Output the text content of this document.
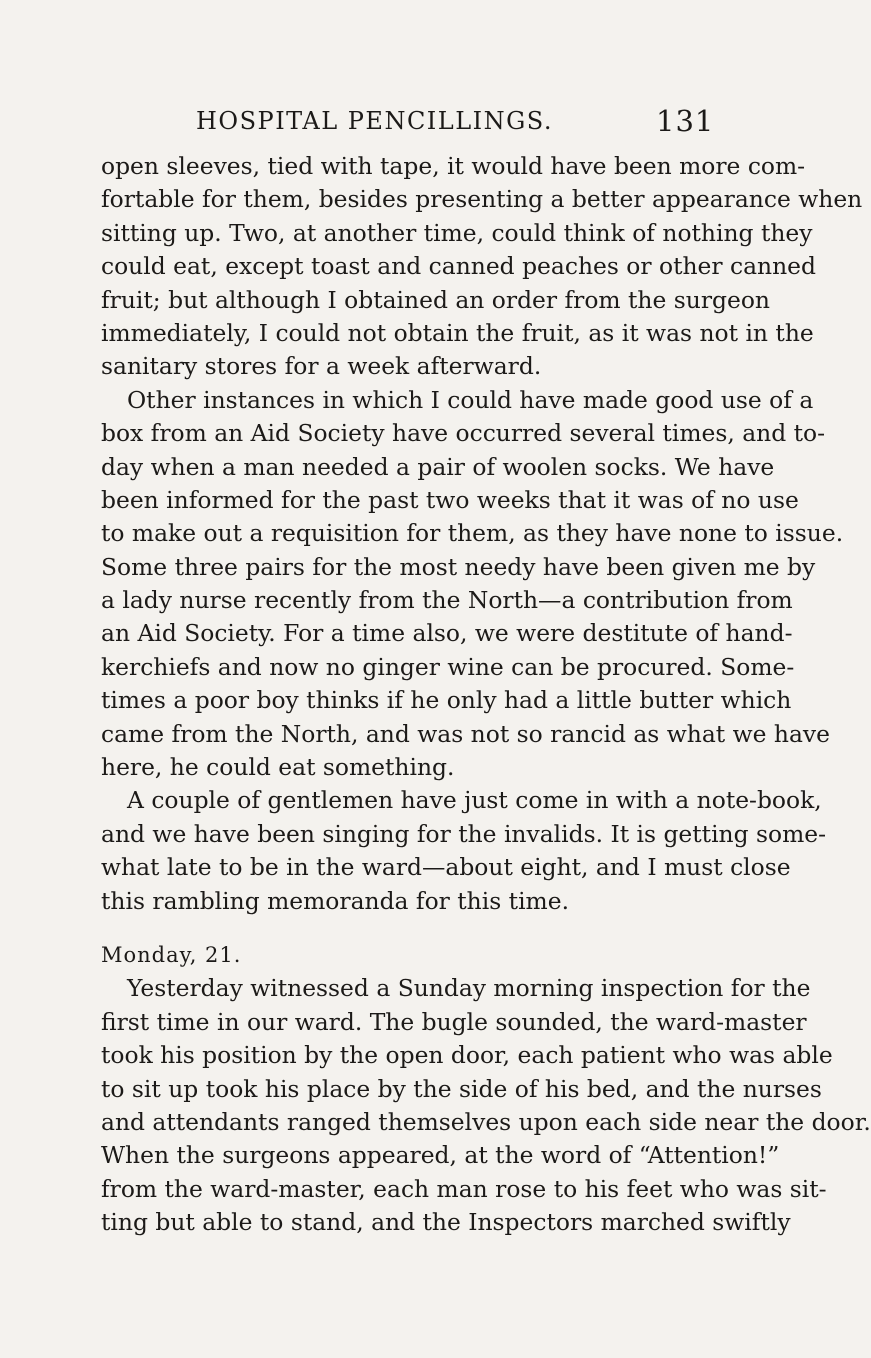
HOSPITAL PENCILLINGS.	131
open sleeves, tied with tape, it would have been more com-
fortable for them, besides presenting a better appearance when
sitting up. Two, at another time, could think of nothing they
could eat, except toast and canned peaches or other canned
fruit; but although I obtained an order from the surgeon
immediately, I could not obtain the fruit, as it was not in the
sanitary stores for a week afterward.
Other instances in which I could have made good use of a
box from an Aid Society have occurred several times, and to-
day when a man needed a pair of woolen socks. We have
been informed for the past two weeks that it was of no use
to make out a requisition for them, as they have none to issue.
Some three pairs for the most needy have been given me by
a lady nurse recently from the North—a contribution from
an Aid Society. For a time also, we were destitute of hand-
kerchiefs and now no ginger wine can be procured. Some-
times a poor boy thinks if he only had a little butter which
came from the North, and was not so rancid as what we have
here, he could eat something.
A couple of gentlemen have just come in with a note-book,
and we have been singing for the invalids. It is getting some-
what late to be in the ward—about eight, and I must close
this rambling memoranda for this time.
Monday, 21.
Yesterday witnessed a Sunday morning inspection for the
first time in our ward. The bugle sounded, the ward-master
took his position by the open door, each patient who was able
to sit up took his place by the side of his bed, and the nurses
and attendants ranged themselves upon each side near the door.
When the surgeons appeared, at the word of “Attention!”
from the ward-master, each man rose to his feet who was sit-
ting but able to stand, and the Inspectors marched swiftly
